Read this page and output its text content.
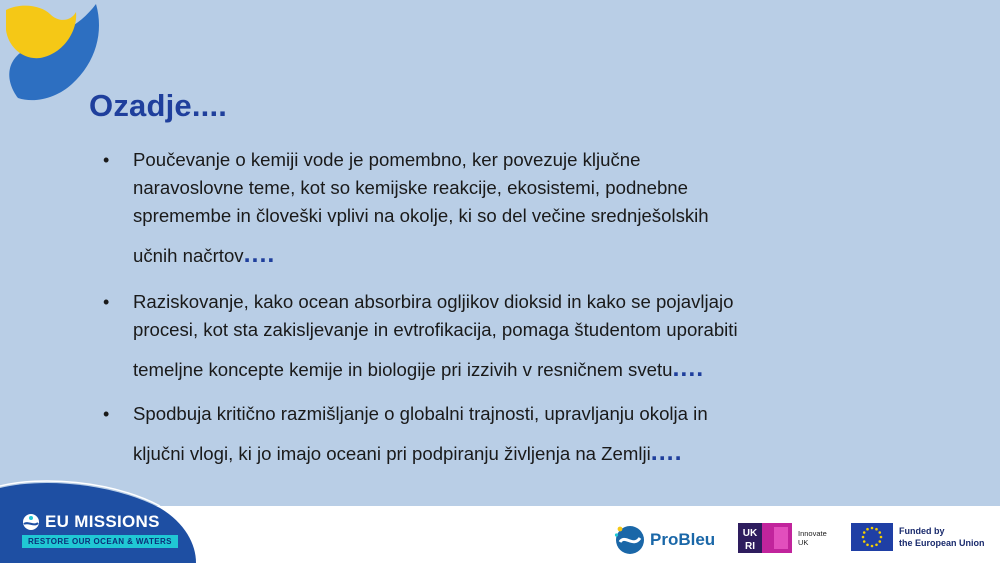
Ozadje....
• Poučevanje o kemiji vode je pomembno, ker povezuje ključne
naravoslovne teme, kot so kemijske reakcije, ekosistemi, podnebne
spremembe in človeški vplivi na okolje, ki so del večine srednješolskih
učnih načrtov....
• Raziskovanje, kako ocean absorbira ogljikov dioksid in kako se pojavljajo
procesi, kot sta zakisljevanje in evtrofikacija, pomaga študentom uporabiti
temeljne koncepte kemije in biologije pri izzivih v resničnem svetu....
• Spodbuja kritično razmišljanje o globalni trajnosti, upravljanju okolja in
ključni vlogi, ki jo imajo oceani pri podpiranju življenja na Zemlji....
EU MISSIONS
RESTORE OUR OCEAN & WATERS	ProBleu	UK
RI
Innovate
UK
Funded by
the European Union
